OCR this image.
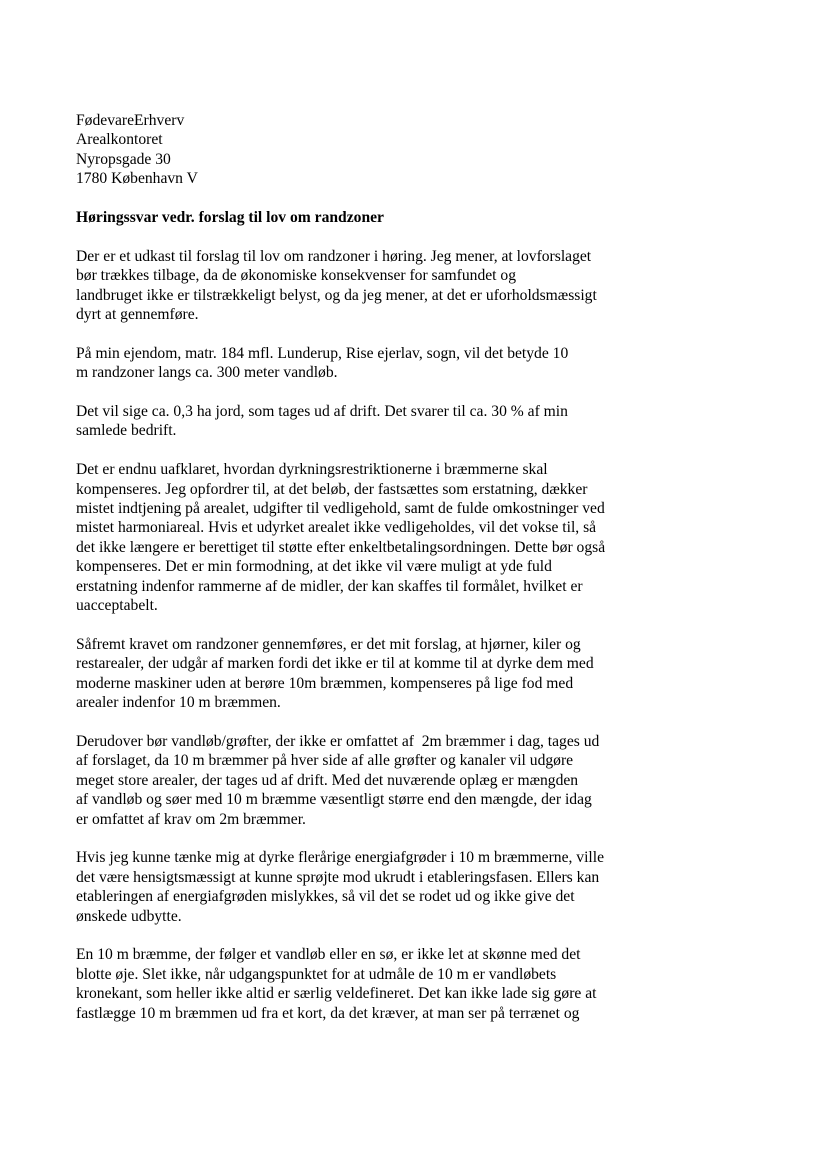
FødevareErhverv
Arealkontoret
Nyropsgade 30
1780 København V
Høringssvar vedr. forslag til lov om randzoner
Der er et udkast til forslag til lov om randzoner i høring. Jeg mener, at lovforslaget
bør trækkes tilbage, da de økonomiske konsekvenser for samfundet og
landbruget ikke er tilstrækkeligt belyst, og da jeg mener, at det er uforholdsmæssigt
dyrt at gennemføre.
På min ejendom, matr. 184 mfl. Lunderup, Rise ejerlav, sogn, vil det betyde 10
m randzoner langs ca. 300 meter vandløb.
Det vil sige ca. 0,3 ha jord, som tages ud af drift. Det svarer til ca. 30 % af min
samlede bedrift.
Det er endnu uafklaret, hvordan dyrkningsrestriktionerne i bræmmerne skal
kompenseres. Jeg opfordrer til, at det beløb, der fastsættes som erstatning, dækker
mistet indtjening på arealet, udgifter til vedligehold, samt de fulde omkostninger ved
mistet harmoniareal. Hvis et udyrket arealet ikke vedligeholdes, vil det vokse til, så
det ikke længere er berettiget til støtte efter enkeltbetalingsordningen. Dette bør også
kompenseres. Det er min formodning, at det ikke vil være muligt at yde fuld
erstatning indenfor rammerne af de midler, der kan skaffes til formålet, hvilket er
uacceptabelt.
Såfremt kravet om randzoner gennemføres, er det mit forslag, at hjørner, kiler og
restarealer, der udgår af marken fordi det ikke er til at komme til at dyrke dem med
moderne maskiner uden at berøre 10m bræmmen, kompenseres på lige fod med
arealer indenfor 10 m bræmmen.
Derudover bør vandløb/grøfter, der ikke er omfattet af  2m bræmmer i dag, tages ud
af forslaget, da 10 m bræmmer på hver side af alle grøfter og kanaler vil udgøre
meget store arealer, der tages ud af drift. Med det nuværende oplæg er mængden
af vandløb og søer med 10 m bræmme væsentligt større end den mængde, der idag
er omfattet af krav om 2m bræmmer.
Hvis jeg kunne tænke mig at dyrke flerårige energiafgrøder i 10 m bræmmerne, ville
det være hensigtsmæssigt at kunne sprøjte mod ukrudt i etableringsfasen. Ellers kan
etableringen af energiafgrøden mislykkes, så vil det se rodet ud og ikke give det
ønskede udbytte.
En 10 m bræmme, der følger et vandløb eller en sø, er ikke let at skønne med det
blotte øje. Slet ikke, når udgangspunktet for at udmåle de 10 m er vandløbets
kronekant, som heller ikke altid er særlig veldefineret. Det kan ikke lade sig gøre at
fastlægge 10 m bræmmen ud fra et kort, da det kræver, at man ser på terrænet og
